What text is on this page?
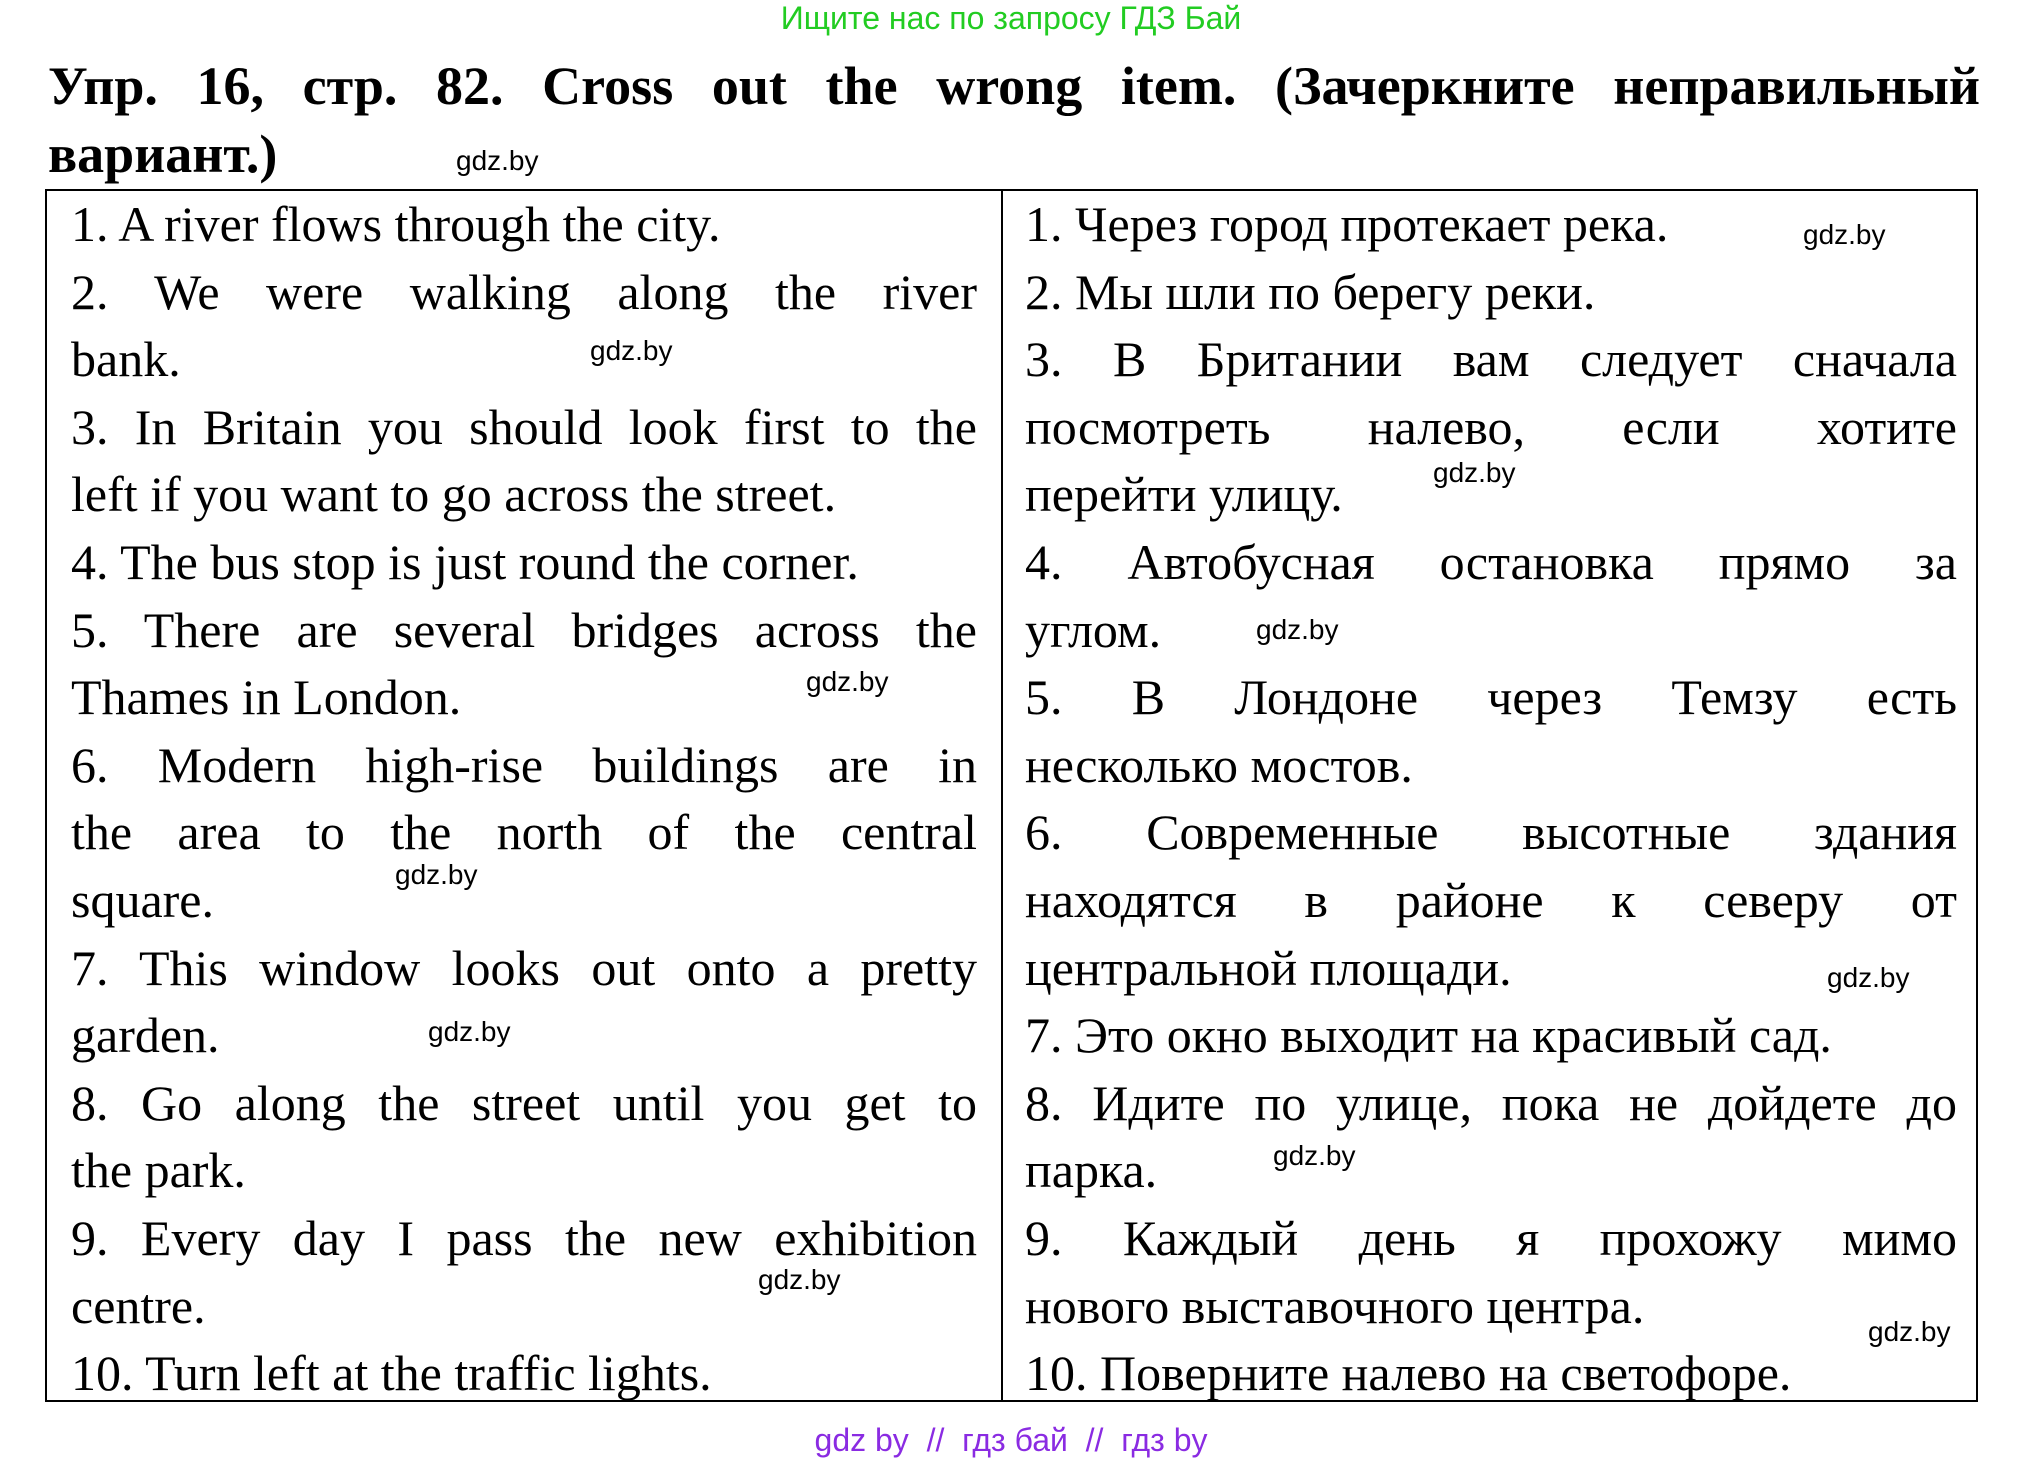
Ищите нас по запросу ГДЗ Бай
Упр. 16, стр. 82. Cross out the wrong item. (Зачеркните неправильный
вариант.)
1. A river flows through the city.
2. We were walking along the river
bank.
3. In Britain you should look first to the
left if you want to go across the street.
4. The bus stop is just round the corner.
5. There are several bridges across the
Thames in London.
6. Modern high-rise buildings are in
the area to the north of the central
square.
7. This window looks out onto a pretty
garden.
8. Go along the street until you get to
the park.
9. Every day I pass the new exhibition
centre.
10. Turn left at the traffic lights.
1. Через город протекает река.
2. Мы шли по берегу реки.
3. В Британии вам следует сначала
посмотреть налево, если хотите
перейти улицу.
4. Автобусная остановка прямо за
углом.
5. В Лондоне через Темзу есть
несколько мостов.
6. Современные высотные здания
находятся в районе к северу от
центральной площади.
7. Это окно выходит на красивый сад.
8. Идите по улице, пока не дойдете до
парка.
9. Каждый день я прохожу мимо
нового выставочного центра.
10. Поверните налево на светофоре.
gdz.by
gdz.by
gdz.by
gdz.by
gdz.by
gdz.by
gdz.by
gdz.by
gdz.by
gdz.by
gdz.by
gdz.by
gdz by  //  гдз бай  //  гдз by
